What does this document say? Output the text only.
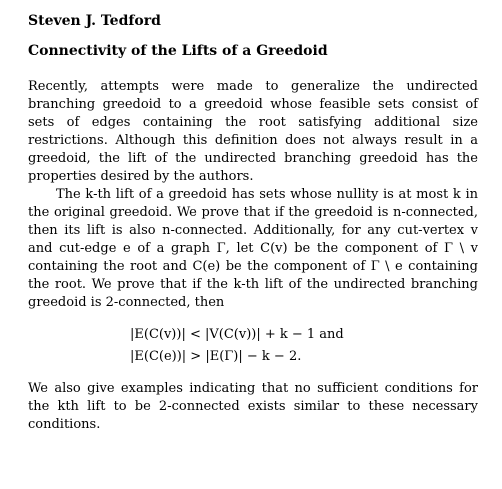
Steven J. Tedford
Connectivity of the Lifts of a Greedoid

Recently, attempts were made to generalize the undirected branching greedoid to a greedoid whose feasible sets consist of sets of edges containing the root satisfying additional size restrictions. Although this definition does not always result in a greedoid, the lift of the undirected branching greedoid has the properties desired by the authors.

The k-th lift of a greedoid has sets whose nullity is at most k in the original greedoid. We prove that if the greedoid is n-connected, then its lift is also n-connected. Additionally, for any cut-vertex v and cut-edge e of a graph Γ, let C(v) be the component of Γ \ v containing the root and C(e) be the component of Γ \ e containing the root. We prove that if the k-th lift of the undirected branching greedoid is 2-connected, then

|E(C(v))| < |V(C(v))| + k − 1 and
|E(C(e))| > |E(Γ)| − k − 2.

We also give examples indicating that no sufficient conditions for the kth lift to be 2-connected exists similar to these necessary conditions.
